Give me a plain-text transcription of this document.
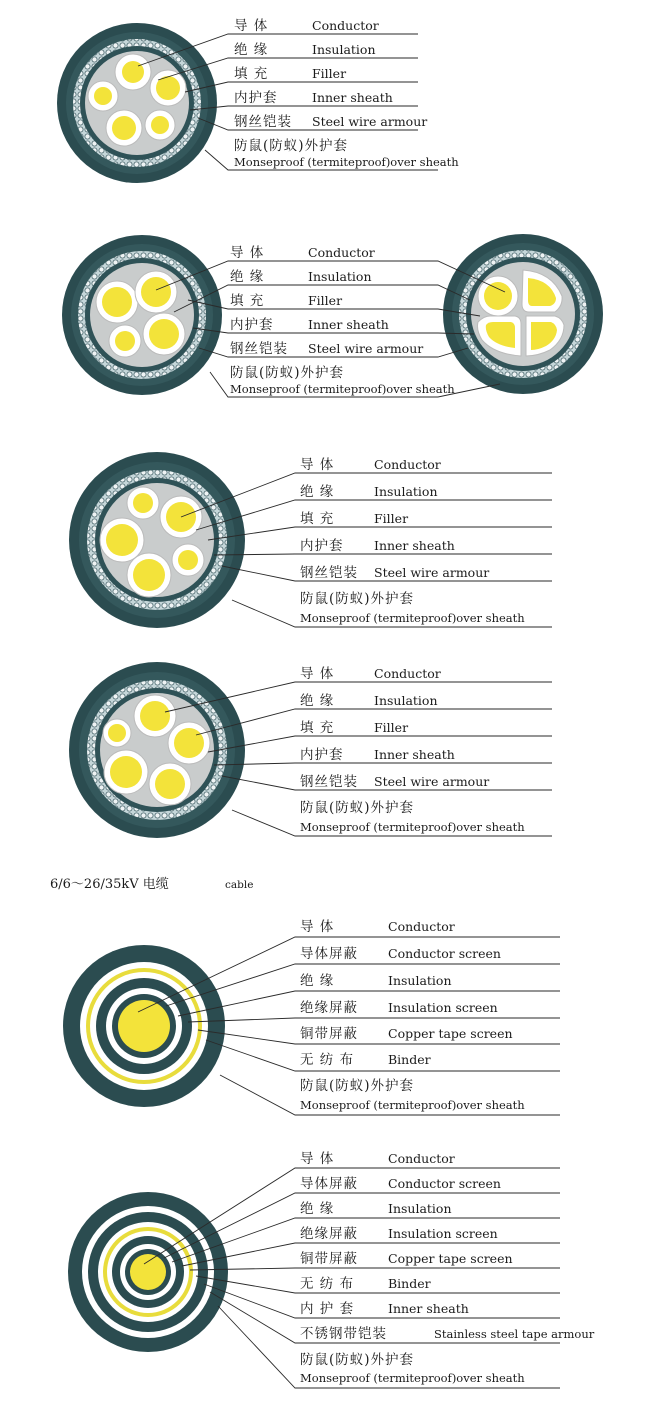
导 体	Conductor
绝 缘	Insulation
填 充	Filler
内护套	Inner sheath
钢丝铠装 Steel wire armour
防鼠(防蚁)外护套
Monseproof (termiteproof)over sheath
导 体	Conductor
绝 缘	Insulation
填 充	Filler
内护套	Inner sheath
钢丝铠装 Steel wire armour
防鼠(防蚁)外护套
Monseproof (termiteproof)over sheath
导 体	Conductor
绝 缘	Insulation
填 充	Filler
内护套 Inner sheath
钢丝铠装 Steel wire armour
防鼠(防蚁)外护套
Monseproof (termiteproof)over sheath
导 体	Conductor
绝 缘	Insulation
填 充	Filler
内护套 Inner sheath
钢丝铠装 Steel wire armour
防鼠(防蚁)外护套
Monseproof (termiteproof)over sheath
6/6～26/35kV 电缆	cable
导 体	Conductor
导体屏蔽 Conductor screen
绝 缘	Insulation
绝缘屏蔽 Insulation screen
铜带屏蔽 Copper tape screen
无 纺 布	Binder
防鼠(防蚁)外护套
Monseproof (termiteproof)over sheath
导 体	Conductor
导体屏蔽 Conductor screen
绝 缘	Insulation
绝缘屏蔽 Insulation screen
铜带屏蔽 Copper tape screen
无 纺 布	Binder
内 护 套	Inner sheath
不锈钢带铠装	Stainless steel tape armour
防鼠(防蚁)外护套
Monseproof (termiteproof)over sheath
